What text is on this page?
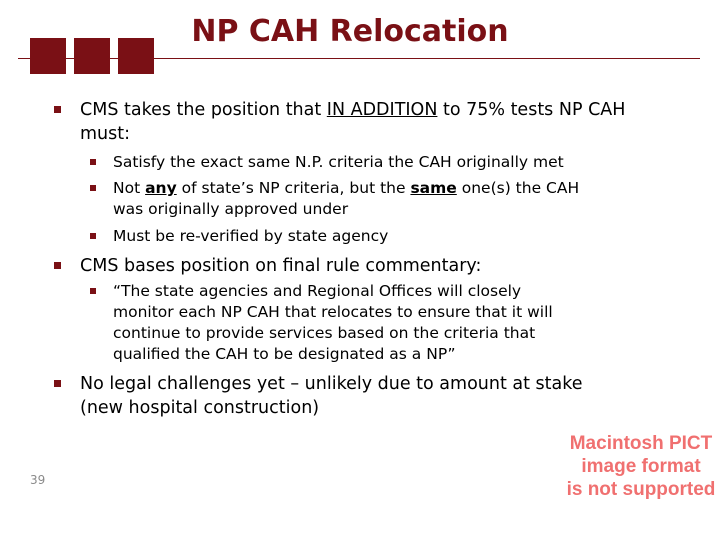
NP CAH Relocation
CMS takes the position that IN ADDITION to 75% tests NP CAH must:
Satisfy the exact same N.P. criteria the CAH originally met
Not any of state’s NP criteria, but the same one(s) the CAH was originally approved under
Must be re-verified by state agency
CMS bases position on final rule commentary:
“The state agencies and Regional Offices will closely monitor each NP CAH that relocates to ensure that it will continue to provide services based on the criteria that qualified the CAH to be designated as a NP”
No legal challenges yet – unlikely due to amount at stake (new hospital construction)
39
Macintosh PICT
image format
is not supported
